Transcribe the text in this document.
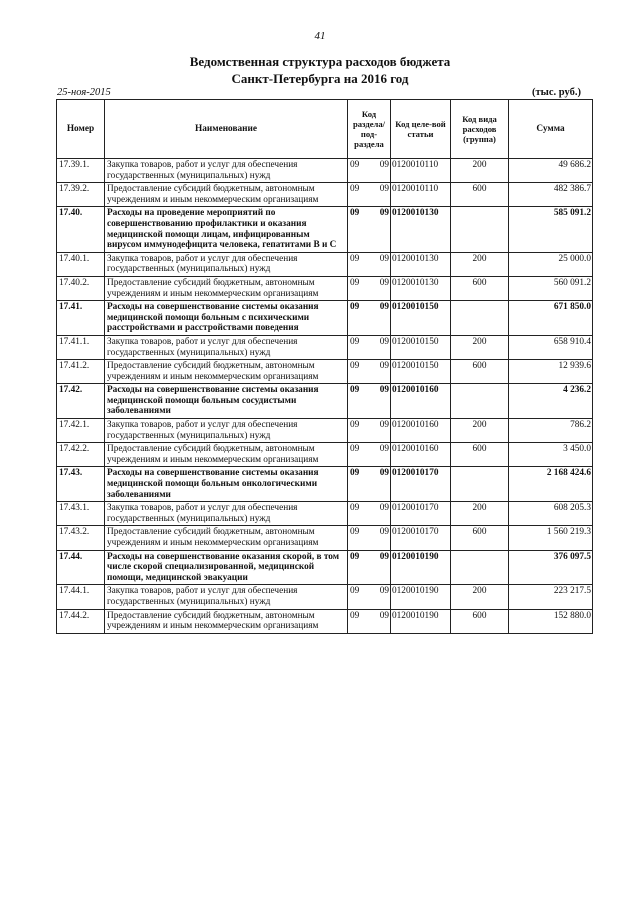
41
Ведомственная структура расходов бюджета
Санкт-Петербурга на 2016 год
25-ноя-2015	(тыс. руб.)
Номер	Наименование	Код раздела/ под-раздела	Код целе-вой статьи	Код вида расходов (группа)	Сумма
17.39.1.	Закупка товаров, работ и услуг для обеспечения государственных (муниципальных) нужд	09 09	0120010110	200	49 686.2
17.39.2.	Предоставление субсидий бюджетным, автономным учреждениям и иным некоммерческим организациям	09 09	0120010110	600	482 386.7
17.40.	Расходы на проведение мероприятий по совершенствованию профилактики и оказания медицинской помощи лицам, инфицированным вирусом иммунодефицита человека, гепатитами В и С	09 09	0120010130		585 091.2
17.40.1.	Закупка товаров, работ и услуг для обеспечения государственных (муниципальных) нужд	09 09	0120010130	200	25 000.0
17.40.2.	Предоставление субсидий бюджетным, автономным учреждениям и иным некоммерческим организациям	09 09	0120010130	600	560 091.2
17.41.	Расходы на совершенствование системы оказания медицинской помощи больным с психическими расстройствами и расстройствами поведения	09 09	0120010150		671 850.0
17.41.1.	Закупка товаров, работ и услуг для обеспечения государственных (муниципальных) нужд	09 09	0120010150	200	658 910.4
17.41.2.	Предоставление субсидий бюджетным, автономным учреждениям и иным некоммерческим организациям	09 09	0120010150	600	12 939.6
17.42.	Расходы на совершенствование системы оказания медицинской помощи больным сосудистыми заболеваниями	09 09	0120010160		4 236.2
17.42.1.	Закупка товаров, работ и услуг для обеспечения государственных (муниципальных) нужд	09 09	0120010160	200	786.2
17.42.2.	Предоставление субсидий бюджетным, автономным учреждениям и иным некоммерческим организациям	09 09	0120010160	600	3 450.0
17.43.	Расходы на совершенствование системы оказания медицинской помощи больным онкологическими заболеваниями	09 09	0120010170		2 168 424.6
17.43.1.	Закупка товаров, работ и услуг для обеспечения государственных (муниципальных) нужд	09 09	0120010170	200	608 205.3
17.43.2.	Предоставление субсидий бюджетным, автономным учреждениям и иным некоммерческим организациям	09 09	0120010170	600	1 560 219.3
17.44.	Расходы на совершенствование оказания скорой, в том числе скорой специализированной, медицинской помощи, медицинской эвакуации	09 09	0120010190		376 097.5
17.44.1.	Закупка товаров, работ и услуг для обеспечения государственных (муниципальных) нужд	09 09	0120010190	200	223 217.5
17.44.2.	Предоставление субсидий бюджетным, автономным учреждениям и иным некоммерческим организациям	09 09	0120010190	600	152 880.0
